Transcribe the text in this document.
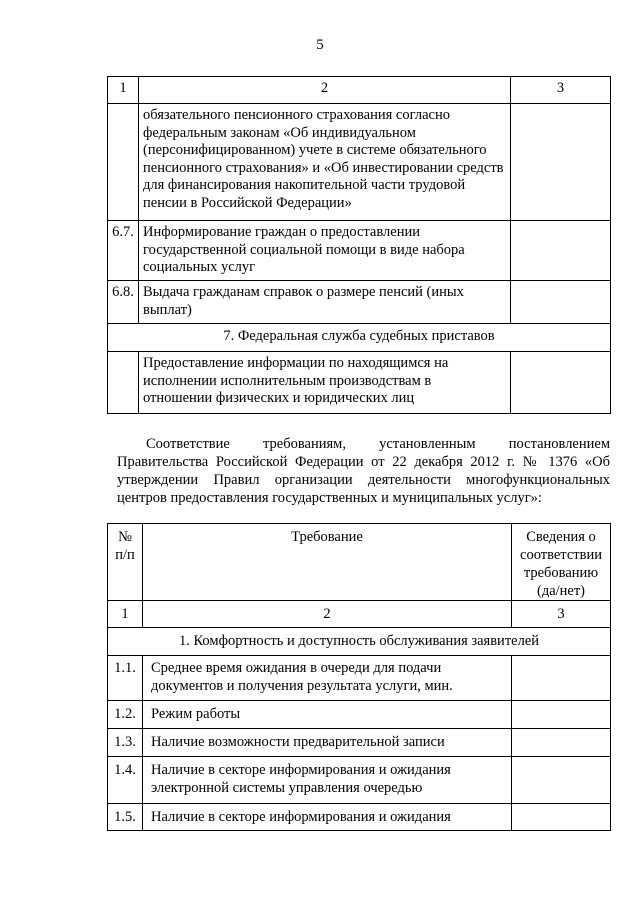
5
1	2	3
	обязательного пенсионного страхования согласно федеральным законам «Об индивидуальном (персонифицированном) учете в системе обязательного пенсионного страхования» и «Об инвестировании средств для финансирования накопительной части трудовой пенсии в Российской Федерации»	
6.7.	Информирование граждан о предоставлении государственной социальной помощи в виде набора социальных услуг	
6.8.	Выдача гражданам справок о размере пенсий (иных выплат)	
7. Федеральная служба судебных приставов		
	Предоставление информации по находящимся на исполнении исполнительным производствам в отношении физических и юридических лиц	
Соответствие требованиям, установленным постановлением Правительства Российской Федерации от 22 декабря 2012 г. № 1376 «Об утверждении Правил организации деятельности многофункциональных центров предоставления государственных и муниципальных услуг»:
№ п/п	Требование	Сведения о соответствии требованию (да/нет)
1	2	3
1. Комфортность и доступность обслуживания заявителей		
1.1.	Среднее время ожидания в очереди для подачи документов и получения результата услуги, мин.	
1.2.	Режим работы	
1.3.	Наличие возможности предварительной записи	
1.4.	Наличие в секторе информирования и ожидания электронной системы управления очередью	
1.5.	Наличие в секторе информирования и ожидания	
